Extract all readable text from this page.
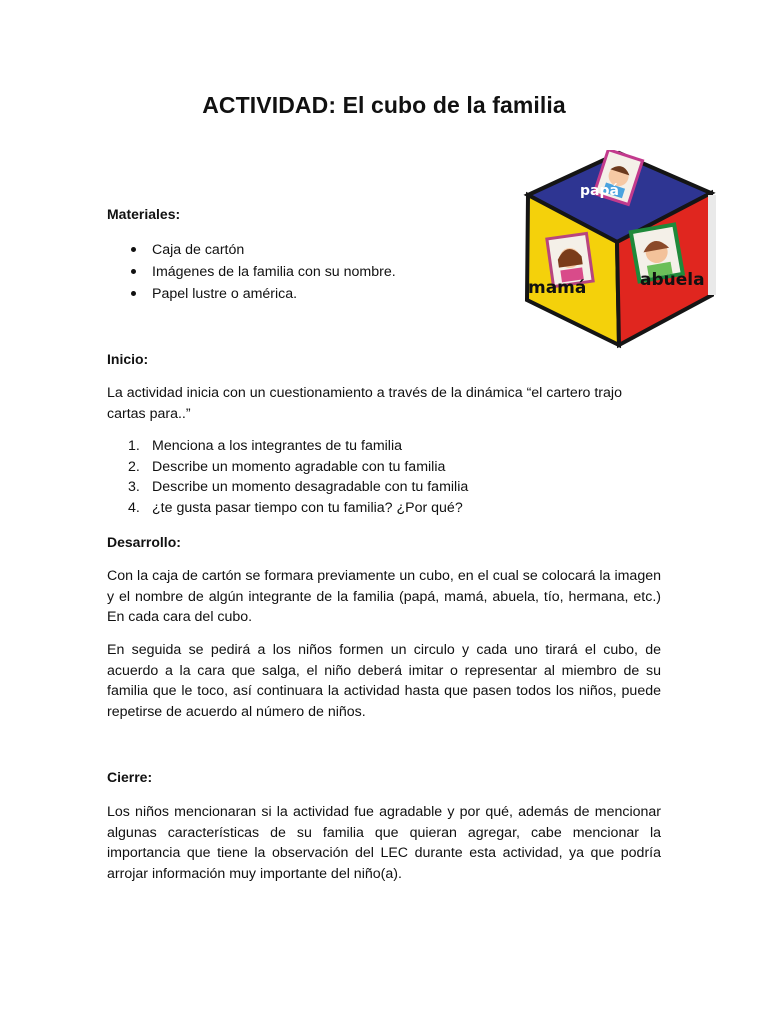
ACTIVIDAD: El cubo de la familia
papá
mamá	abuela

Materiales:

Caja de cartón
Imágenes de la familia con su nombre.
Papel lustre o américa.

Inicio:

La actividad inicia con un cuestionamiento a través de la dinámica “el cartero trajo
cartas para..”

1. Menciona a los integrantes de tu familia
2. Describe un momento agradable con tu familia
3. Describe un momento desagradable con tu familia
4. ¿te gusta pasar tiempo con tu familia? ¿Por qué?

Desarrollo:

Con la caja de cartón se formara previamente un cubo, en el cual se colocará la imagen y el nombre de algún integrante de la familia (papá, mamá, abuela, tío, hermana, etc.) En cada cara del cubo.

En seguida se pedirá a los niños formen un circulo y cada uno tirará el cubo, de acuerdo a la cara que salga, el niño deberá imitar o representar al miembro de su familia que le toco, así continuara la actividad hasta que pasen todos los niños, puede repetirse de acuerdo al número de niños.

Cierre:

Los niños mencionaran si la actividad fue agradable y por qué, además de mencionar algunas características de su familia que quieran agregar, cabe mencionar la importancia que tiene la observación del LEC durante esta actividad, ya que podría arrojar información muy importante del niño(a).
